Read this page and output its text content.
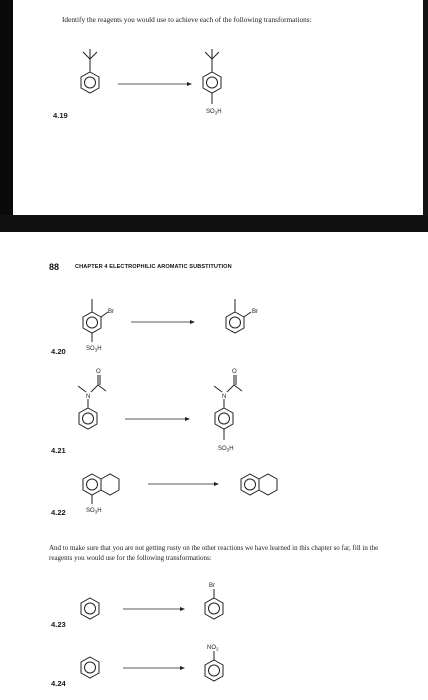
Identify the reagents you would use to achieve each of the following transformations:
4.19
88	CHAPTER 4 ELECTROPHILIC AROMATIC SUBSTITUTION
4.20
4.21
4.22
4.23
4.24
And to make sure that you are not getting rusty on the other reactions we have learned in this chapter so far, fill in the reagents you would use for the following transformations:
$SO_3H$
Br
$SO_3H$
Br
N
O
N
O
$SO_3H$
$SO_3H$
Br
$NO_2$
